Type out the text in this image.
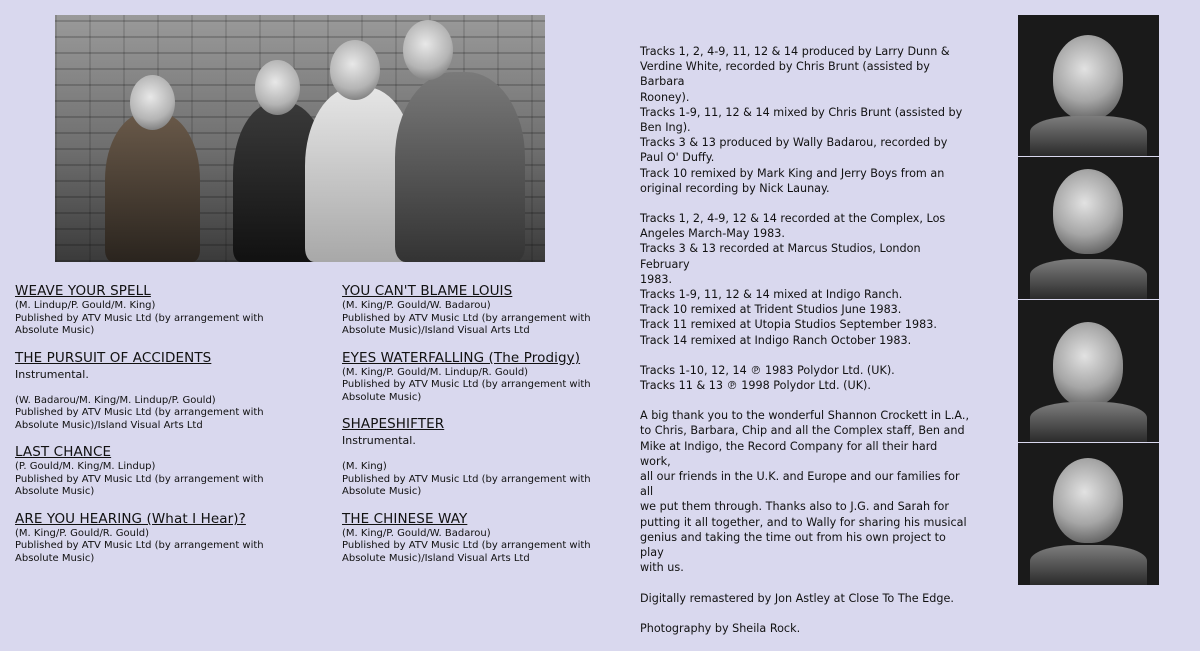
WEAVE YOUR SPELL
(M. Lindup/P. Gould/M. King)
Published by ATV Music Ltd (by arrangement with
Absolute Music)
THE PURSUIT OF ACCIDENTS
Instrumental.
(W. Badarou/M. King/M. Lindup/P. Gould)
Published by ATV Music Ltd (by arrangement with
Absolute Music)/Island Visual Arts Ltd
LAST CHANCE
(P. Gould/M. King/M. Lindup)
Published by ATV Music Ltd (by arrangement with
Absolute Music)
ARE YOU HEARING (What I Hear)?
(M. King/P. Gould/R. Gould)
Published by ATV Music Ltd (by arrangement with
Absolute Music)
YOU CAN'T BLAME LOUIS
(M. King/P. Gould/W. Badarou)
Published by ATV Music Ltd (by arrangement with
Absolute Music)/Island Visual Arts Ltd
EYES WATERFALLING (The Prodigy)
(M. King/P. Gould/M. Lindup/R. Gould)
Published by ATV Music Ltd (by arrangement with
Absolute Music)
SHAPESHIFTER
Instrumental.
(M. King)
Published by ATV Music Ltd (by arrangement with
Absolute Music)
THE CHINESE WAY
(M. King/P. Gould/W. Badarou)
Published by ATV Music Ltd (by arrangement with
Absolute Music)/Island Visual Arts Ltd

Tracks 1, 2, 4-9, 11, 12 & 14 produced by Larry Dunn &
Verdine White, recorded by Chris Brunt (assisted by Barbara
Rooney).
Tracks 1-9, 11, 12 & 14 mixed by Chris Brunt (assisted by
Ben Ing).
Tracks 3 & 13 produced by Wally Badarou, recorded by
Paul O' Duffy.
Track 10 remixed by Mark King and Jerry Boys from an
original recording by Nick Launay.

Tracks 1, 2, 4-9, 12 & 14 recorded at the Complex, Los
Angeles March-May 1983.
Tracks 3 & 13 recorded at Marcus Studios, London February
1983.
Tracks 1-9, 11, 12 & 14 mixed at Indigo Ranch.
Track 10 remixed at Trident Studios June 1983.
Track 11 remixed at Utopia Studios September 1983.
Track 14 remixed at Indigo Ranch October 1983.

Tracks 1-10, 12, 14 ℗ 1983 Polydor Ltd. (UK).
Tracks 11 & 13 ℗ 1998 Polydor Ltd. (UK).

A big thank you to the wonderful Shannon Crockett in L.A.,
to Chris, Barbara, Chip and all the Complex staff, Ben and
Mike at Indigo, the Record Company for all their hard work,
all our friends in the U.K. and Europe and our families for all
we put them through. Thanks also to J.G. and Sarah for
putting it all together, and to Wally for sharing his musical
genius and taking the time out from his own project to play
with us.

Digitally remastered by Jon Astley at Close To The Edge.

Photography by Sheila Rock.
